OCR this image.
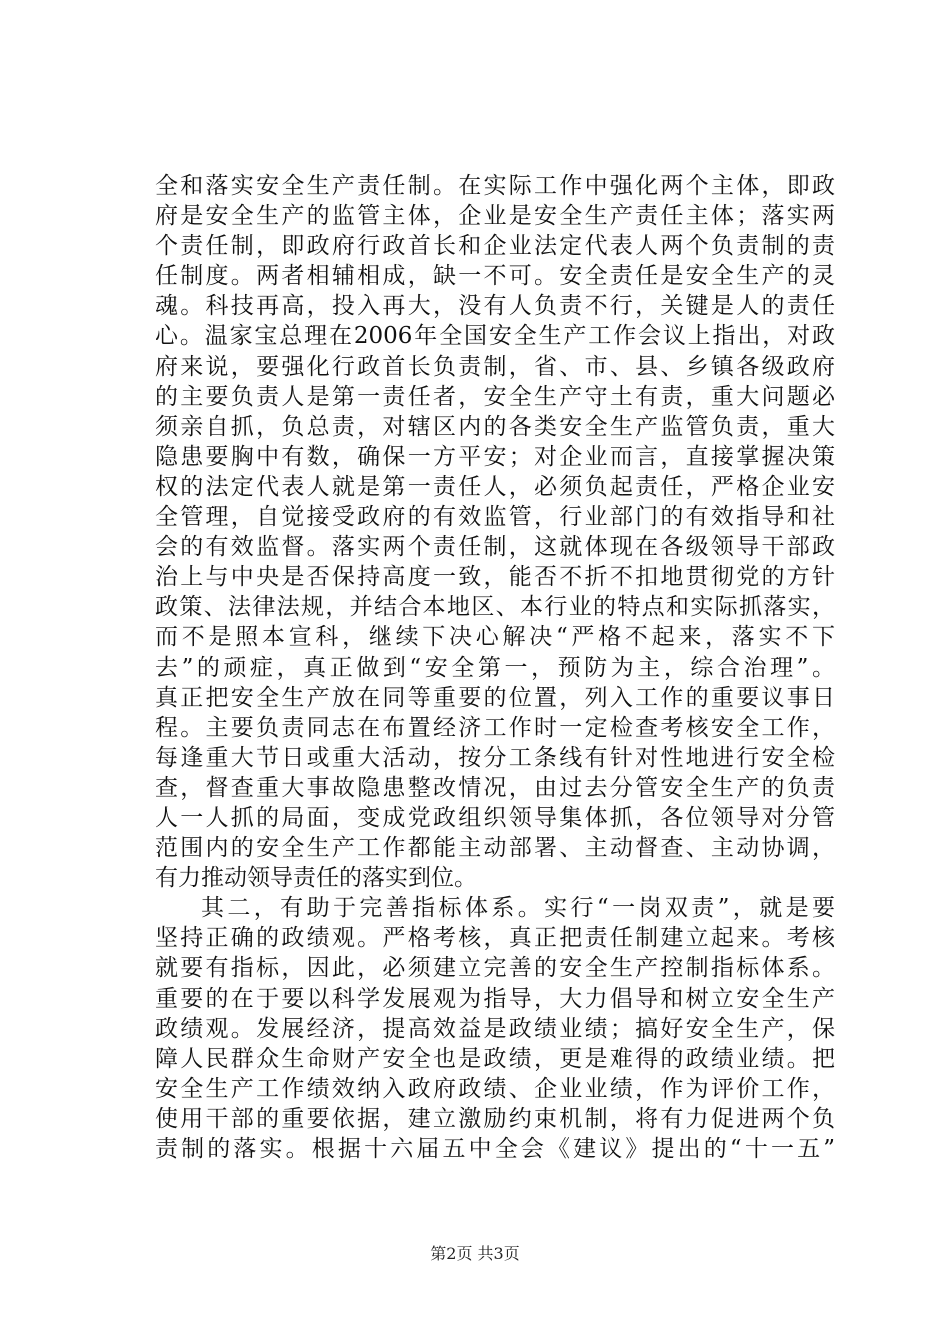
全和落实安全生产责任制。在实际工作中强化两个主体，即政
府是安全生产的监管主体，企业是安全生产责任主体；落实两
个责任制，即政府行政首长和企业法定代表人两个负责制的责
任制度。两者相辅相成，缺一不可。安全责任是安全生产的灵
魂。科技再高，投入再大，没有人负责不行，关键是人的责任
心。温家宝总理在2006年全国安全生产工作会议上指出，对政
府来说，要强化行政首长负责制，省、市、县、乡镇各级政府
的主要负责人是第一责任者，安全生产守土有责，重大问题必
须亲自抓，负总责，对辖区内的各类安全生产监管负责，重大
隐患要胸中有数，确保一方平安；对企业而言，直接掌握决策
权的法定代表人就是第一责任人，必须负起责任，严格企业安
全管理，自觉接受政府的有效监管，行业部门的有效指导和社
会的有效监督。落实两个责任制，这就体现在各级领导干部政
治上与中央是否保持高度一致，能否不折不扣地贯彻党的方针
政策、法律法规，并结合本地区、本行业的特点和实际抓落实，
而不是照本宣科，继续下决心解决“严格不起来，落实不下
去”的顽症，真正做到“安全第一，预防为主，综合治理”。
真正把安全生产放在同等重要的位置，列入工作的重要议事日
程。主要负责同志在布置经济工作时一定检查考核安全工作，
每逢重大节日或重大活动，按分工条线有针对性地进行安全检
查，督查重大事故隐患整改情况，由过去分管安全生产的负责
人一人抓的局面，变成党政组织领导集体抓，各位领导对分管
范围内的安全生产工作都能主动部署、主动督查、主动协调，
有力推动领导责任的落实到位。
其二，有助于完善指标体系。实行“一岗双责”，就是要
坚持正确的政绩观。严格考核，真正把责任制建立起来。考核
就要有指标，因此，必须建立完善的安全生产控制指标体系。
重要的在于要以科学发展观为指导，大力倡导和树立安全生产
政绩观。发展经济，提高效益是政绩业绩；搞好安全生产，保
障人民群众生命财产安全也是政绩，更是难得的政绩业绩。把
安全生产工作绩效纳入政府政绩、企业业绩，作为评价工作，
使用干部的重要依据，建立激励约束机制，将有力促进两个负
责制的落实。根据十六届五中全会《建议》提出的“十一五”
第2页 共3页
